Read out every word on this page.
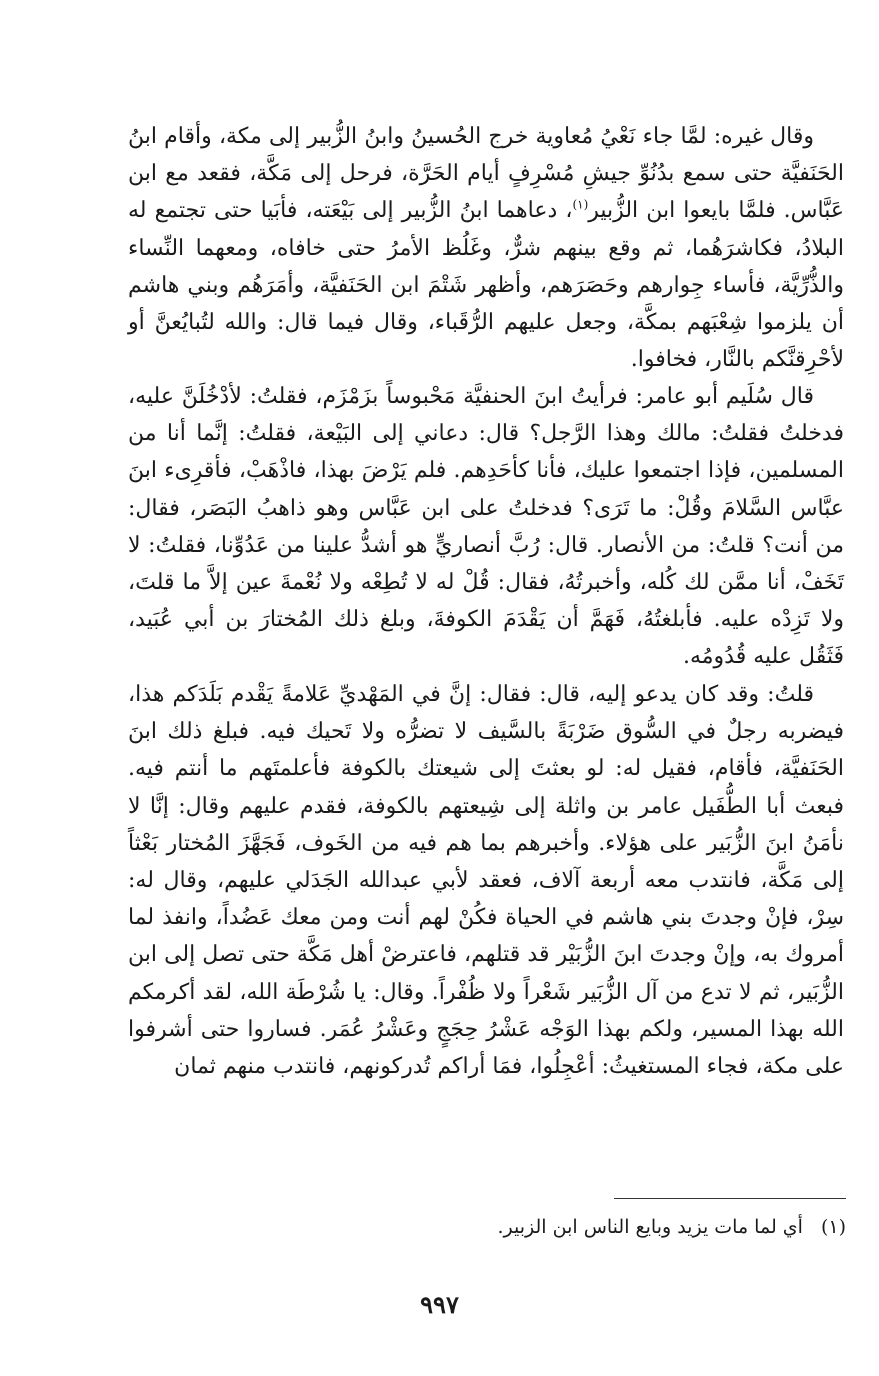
وقال غيره: لمَّا جاء نَعْيُ مُعاوية خرج الحُسينُ وابنُ الزُّبير إلى مكة، وأقام ابنُ الحَنَفيَّة حتى سمع بدُنُوِّ جيشِ مُسْرِفٍ أيام الحَرَّة، فرحل إلى مَكَّة، فقعد مع ابن عَبَّاس. فلمَّا بايعوا ابن الزُّبير$^{(١)}$، دعاهما ابنُ الزُّبير إلى بَيْعَته، فأبَيا حتى تجتمع له البلادُ، فكاشرَهُما، ثم وقع بينهم شرٌّ، وغَلُظ الأمرُ حتى خافاه، ومعهما النِّساء والذُّرِّيَّة، فأساء جِوارهم وحَصَرَهم، وأظهر شَتْمَ ابن الحَنَفيَّة، وأمَرَهُم وبني هاشم أن يلزموا شِعْبَهم بمكَّة، وجعل عليهم الرُّقَباء، وقال فيما قال: والله لتُبايُعنَّ أو لأحْرِقنَّكم بالنَّار، فخافوا.

قال سُلَيم أبو عامر: فرأيتُ ابنَ الحنفيَّة مَحْبوساً بزَمْزَم، فقلتُ: لأدْخُلَنَّ عليه، فدخلتُ فقلتُ: مالك وهذا الرَّجل؟ قال: دعاني إلى البَيْعة، فقلتُ: إنَّما أنا من المسلمين، فإذا اجتمعوا عليك، فأنا كأحَدِهم. فلم يَرْضَ بهذا، فاذْهَبْ، فأقرِىء ابنَ عبَّاس السَّلامَ وقُلْ: ما تَرَى؟ فدخلتُ على ابن عَبَّاس وهو ذاهبُ البَصَر، فقال: من أنت؟ قلتُ: من الأنصار. قال: رُبَّ أنصاريٍّ هو أشدُّ علينا من عَدُوِّنا، فقلتُ: لا تَخَفْ، أنا ممَّن لك كُله، وأخبرتُهُ، فقال: قُلْ له لا تُطِعْه ولا نُعْمةَ عين إلاَّ ما قلتَ، ولا تَزِدْه عليه. فأبلغتُهُ، فَهَمَّ أن يَقْدَمَ الكوفةَ، وبلغ ذلك المُختارَ بن أبي عُبَيد، فَثَقُل عليه قُدُومُه.

قلتُ: وقد كان يدعو إليه، قال: فقال: إنَّ في المَهْديِّ عَلامةً يَقْدم بَلَدَكم هذا، فيضربه رجلٌ في السُّوق ضَرْبَةً بالسَّيف لا تضرُّه ولا تَحيك فيه. فبلغ ذلك ابنَ الحَنَفيَّة، فأقام، فقيل له: لو بعثتَ إلى شيعتك بالكوفة فأعلمتَهم ما أنتم فيه. فبعث أبا الطُّفَيل عامر بن واثلة إلى شِيعتهم بالكوفة، فقدم عليهم وقال: إنَّا لا نأمَنُ ابنَ الزُّبَير على هؤلاء. وأخبرهم بما هم فيه من الخَوف، فَجَهَّزَ المُختار بَعْثاً إلى مَكَّة، فانتدب معه أربعة آلاف، فعقد لأبي عبدالله الجَدَلي عليهم، وقال له: سِرْ، فإنْ وجدتَ بني هاشم في الحياة فكُنْ لهم أنت ومن معك عَضُداً، وانفذ لما أمروك به، وإنْ وجدتَ ابنَ الزُّبَيْر قد قتلهم، فاعترضْ أهل مَكَّة حتى تصل إلى ابن الزُّبَير، ثم لا تدع من آل الزُّبَير شَعْراً ولا ظُفْراً. وقال: يا شُرْطَة الله، لقد أكرمكم الله بهذا المسير، ولكم بهذا الوَجْه عَشْرُ حِجَجٍ وعَشْرُ عُمَر. فساروا حتى أشرفوا على مكة، فجاء المستغيثُ: أعْجِلُوا، فمَا أراكم تُدركونهم، فانتدب منهم ثمان

(١)أي لما مات يزيد وبايع الناس ابن الزبير.
٩٩٧
